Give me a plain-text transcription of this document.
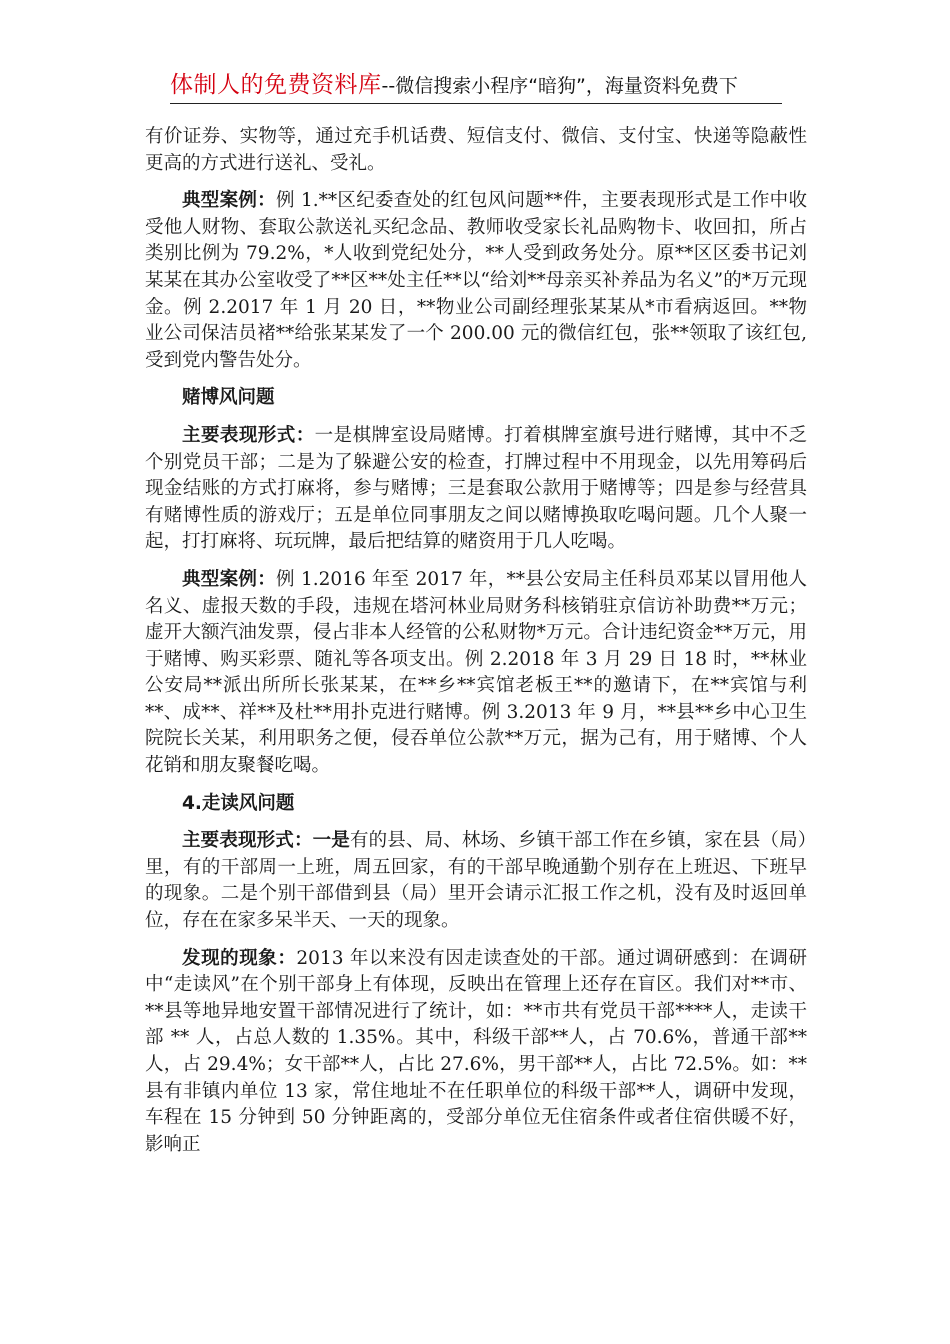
体制人的免费资料库--微信搜索小程序“暗狗”，海量资料免费下

有价证券、实物等，通过充手机话费、短信支付、微信、支付宝、快递等隐蔽性更高的方式进行送礼、受礼。

典型案例：例 1.**区纪委查处的红包风问题**件，主要表现形式是工作中收受他人财物、套取公款送礼买纪念品、教师收受家长礼品购物卡、收回扣，所占类别比例为 79.2%，*人收到党纪处分，**人受到政务处分。原**区区委书记刘某某在其办公室收受了**区**处主任**以“给刘**母亲买补养品为名义”的*万元现金。例 2.2017 年 1 月 20 日，**物业公司副经理张某某从*市看病返回。**物业公司保洁员褚**给张某某发了一个 200.00 元的微信红包，张**领取了该红包,受到党内警告处分。

赌博风问题

主要表现形式：一是棋牌室设局赌博。打着棋牌室旗号进行赌博，其中不乏个别党员干部；二是为了躲避公安的检查，打牌过程中不用现金，以先用筹码后现金结账的方式打麻将，参与赌博；三是套取公款用于赌博等；四是参与经营具有赌博性质的游戏厅；五是单位同事朋友之间以赌博换取吃喝问题。几个人聚一起，打打麻将、玩玩牌，最后把结算的赌资用于几人吃喝。

典型案例：例 1.2016 年至 2017 年，**县公安局主任科员邓某以冒用他人名义、虚报天数的手段，违规在塔河林业局财务科核销驻京信访补助费**万元；虚开大额汽油发票，侵占非本人经管的公私财物*万元。合计违纪资金**万元，用于赌博、购买彩票、随礼等各项支出。例 2.2018 年 3 月 29 日 18 时，**林业公安局**派出所所长张某某，在**乡**宾馆老板王**的邀请下，在**宾馆与利**、成**、祥**及杜**用扑克进行赌博。例 3.2013 年 9 月，**县**乡中心卫生院院长关某，利用职务之便，侵吞单位公款**万元，据为己有，用于赌博、个人花销和朋友聚餐吃喝。

4.走读风问题

主要表现形式：一是有的县、局、林场、乡镇干部工作在乡镇，家在县（局）里，有的干部周一上班，周五回家，有的干部早晚通勤个别存在上班迟、下班早的现象。二是个别干部借到县（局）里开会请示汇报工作之机，没有及时返回单位，存在在家多呆半天、一天的现象。

发现的现象：2013 年以来没有因走读查处的干部。通过调研感到：在调研中“走读风”在个别干部身上有体现，反映出在管理上还存在盲区。我们对**市、**县等地异地安置干部情况进行了统计，如：**市共有党员干部****人，走读干部 ** 人，占总人数的 1.35%。其中，科级干部**人，占 70.6%，普通干部**人，占 29.4%；女干部**人，占比 27.6%，男干部**人，占比 72.5%。如：**县有非镇内单位 13 家，常住地址不在任职单位的科级干部**人，调研中发现，车程在 15 分钟到 50 分钟距离的，受部分单位无住宿条件或者住宿供暖不好，影响正
